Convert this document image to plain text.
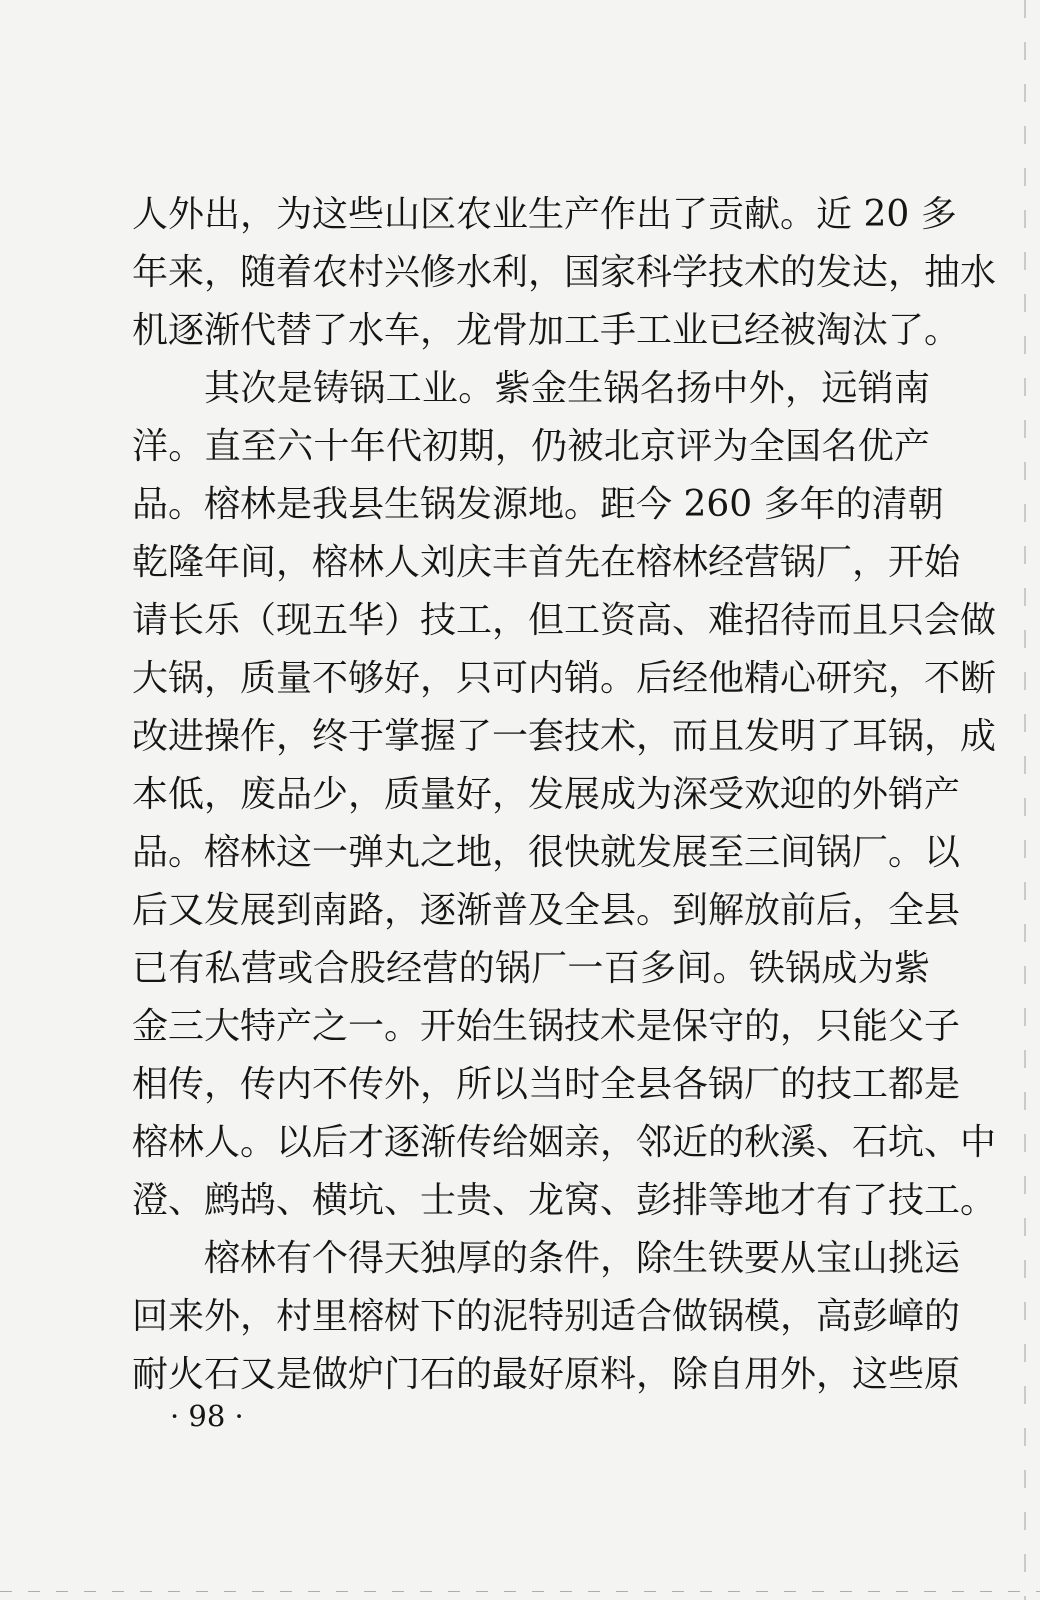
人外出，为这些山区农业生产作出了贡献。近 20 多
年来，随着农村兴修水利，国家科学技术的发达，抽水
机逐渐代替了水车，龙骨加工手工业已经被淘汰了。
其次是铸锅工业。紫金生锅名扬中外，远销南
洋。直至六十年代初期，仍被北京评为全国名优产
品。榕林是我县生锅发源地。距今 260 多年的清朝
乾隆年间，榕林人刘庆丰首先在榕林经营锅厂，开始
请长乐（现五华）技工，但工资高、难招待而且只会做
大锅，质量不够好，只可内销。后经他精心研究，不断
改进操作，终于掌握了一套技术，而且发明了耳锅，成
本低，废品少，质量好，发展成为深受欢迎的外销产
品。榕林这一弹丸之地，很快就发展至三间锅厂。以
后又发展到南路，逐渐普及全县。到解放前后，全县
已有私营或合股经营的锅厂一百多间。铁锅成为紫
金三大特产之一。开始生锅技术是保守的，只能父子
相传，传内不传外，所以当时全县各锅厂的技工都是
榕林人。以后才逐渐传给姻亲，邻近的秋溪、石坑、中
澄、鹧鸪、横坑、士贵、龙窝、彭排等地才有了技工。
榕林有个得天独厚的条件，除生铁要从宝山挑运
回来外，村里榕树下的泥特别适合做锅模，高彭嶂的
耐火石又是做炉门石的最好原料，除自用外，这些原
· 98 ·
